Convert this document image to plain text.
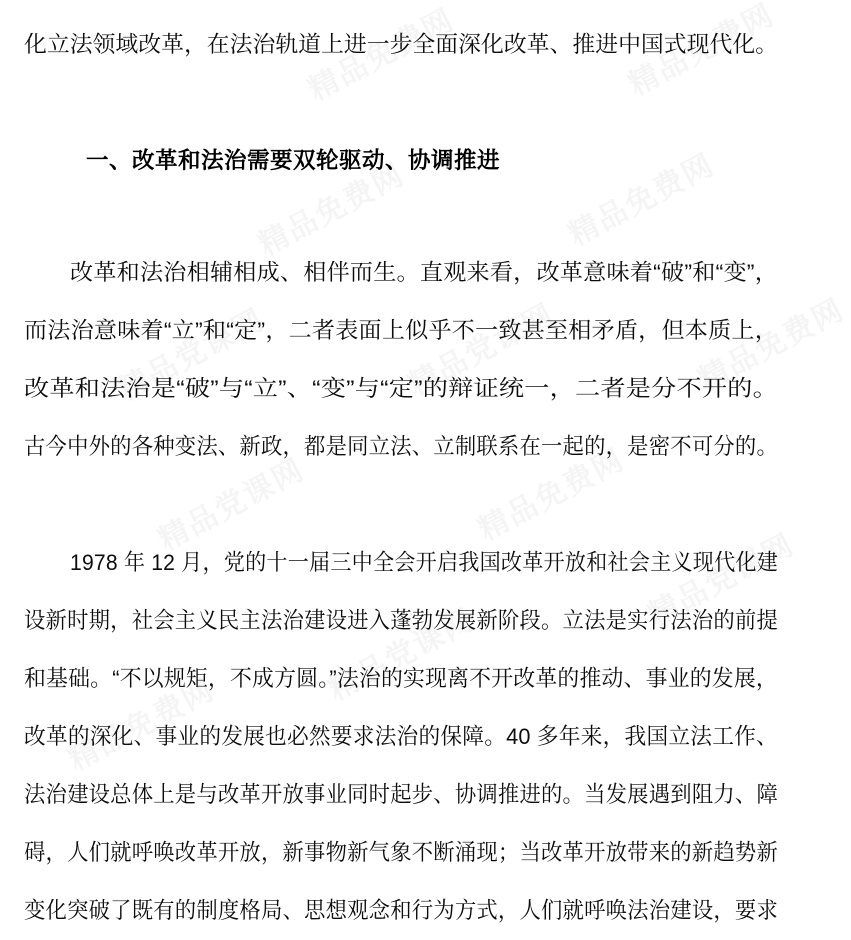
化立法领域改革，在法治轨道上进一步全面深化改革、推进中国式现代化。
一、改革和法治需要双轮驱动、协调推进
改革和法治相辅相成、相伴而生。直观来看，改革意味着“破”和“变”，
而法治意味着“立”和“定”，二者表面上似乎不一致甚至相矛盾，但本质上，
改革和法治是“破”与“立”、“变”与“定”的辩证统一，二者是分不开的。
古今中外的各种变法、新政，都是同立法、立制联系在一起的，是密不可分的。
1978 年 12 月，党的十一届三中全会开启我国改革开放和社会主义现代化建
设新时期，社会主义民主法治建设进入蓬勃发展新阶段。立法是实行法治的前提
和基础。“不以规矩，不成方圆。”法治的实现离不开改革的推动、事业的发展，
改革的深化、事业的发展也必然要求法治的保障。40 多年来，我国立法工作、
法治建设总体上是与改革开放事业同时起步、协调推进的。当发展遇到阻力、障
碍，人们就呼唤改革开放，新事物新气象不断涌现；当改革开放带来的新趋势新
变化突破了既有的制度格局、思想观念和行为方式，人们就呼唤法治建设，要求
